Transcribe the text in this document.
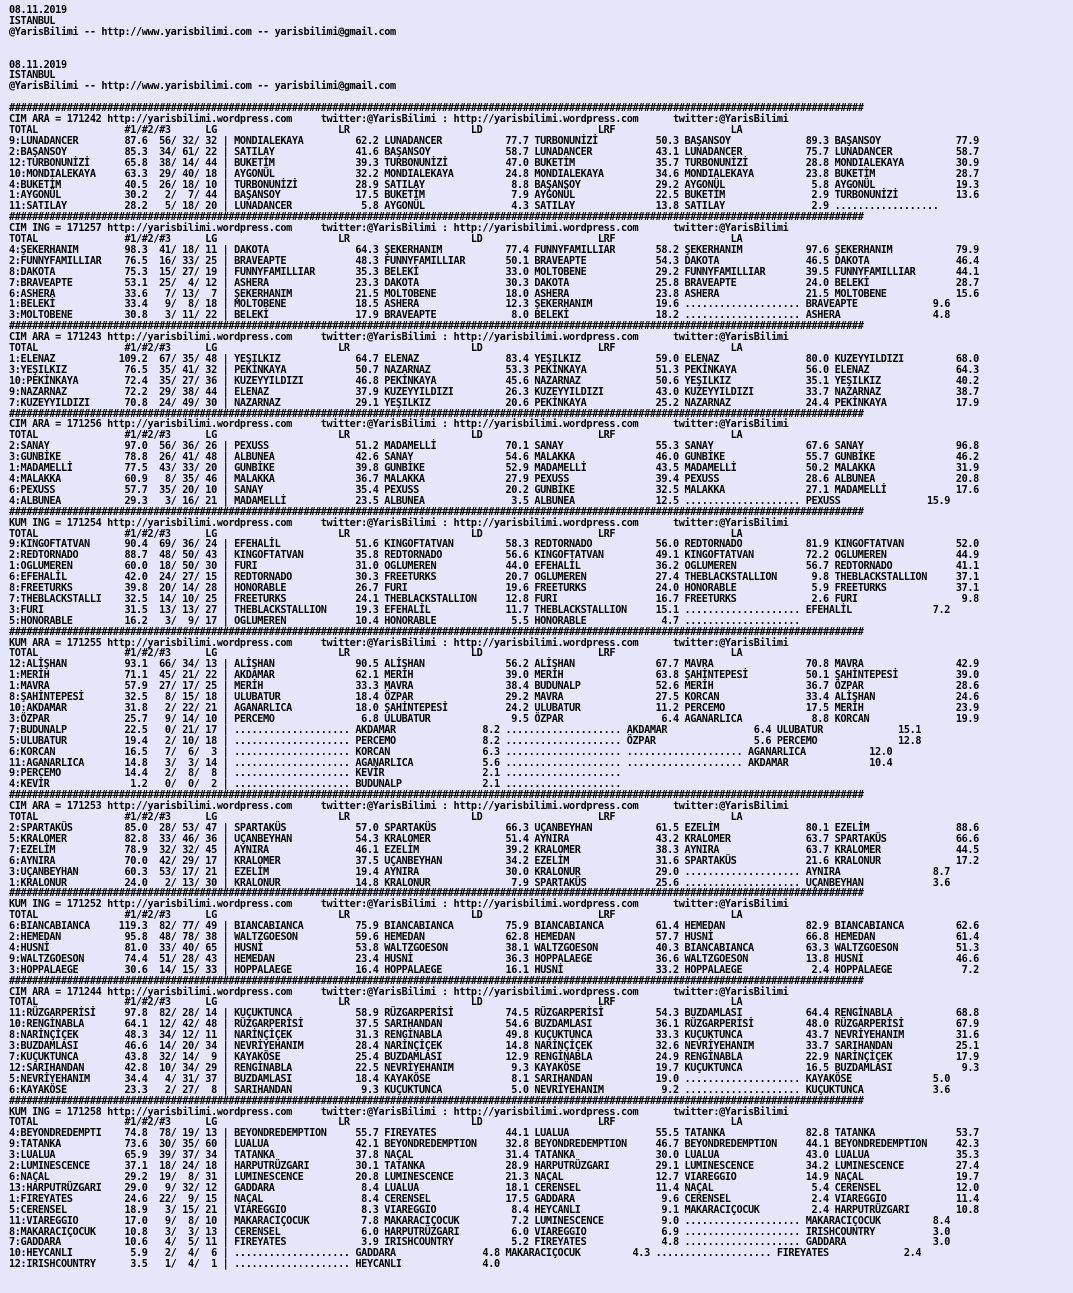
08.11.2019
ISTANBUL
@YarisBilimi -- http://www.yarisbilimi.com -- yarisbilimi@gmail.com

08.11.2019
ISTANBUL
@YarisBilimi -- http://www.yarisbilimi.com -- yarisbilimi@gmail.com

####################################################################################################################################################
CIM ARA = 171242 http://yarisbilimi.wordpress.com     twitter:@YarisBilimi : http://yarisbilimi.wordpress.com      twitter:@YarisBilimi
TOTAL               #1/#2/#3      LG                     LR                     LD                    LRF                    LA
9:LUNADANCER        87.6  56/ 32/ 32 | MONDIALEKAYA         62.2 LUNADANCER           77.7 TURBONUNİZİ          50.3 BAŞANSOY             89.3 BAŞANSOY             77.9
2:BAŞANSOY          85.3  34/ 61/ 22 | SATILAY              41.6 BAŞANSOY             58.7 LUNADANCER           43.1 LUNADANCER           75.7 LUNADANCER           58.7
12:TURBONUNİZİ      65.8  38/ 14/ 44 | BUKETİM              39.3 TURBONUNİZİ          47.0 BUKETİM              35.7 TURBONUNİZİ          28.8 MONDIALEKAYA         30.9
10:MONDIALEKAYA     63.3  29/ 40/ 18 | AYGONÜL              32.2 MONDIALEKAYA         24.8 MONDIALEKAYA         34.6 MONDIALEKAYA         23.8 BUKETİM              28.7
4:BUKETİM           40.5  26/ 18/ 10 | TURBONUNİZİ          28.9 SATILAY               8.8 BAŞANSOY             29.2 AYGONÜL               5.8 AYGONÜL              19.3
1:AYGONÜL           30.2   2/  7/ 44 | BAŞANSOY             17.5 BUKETİM               7.9 AYGONÜL              22.5 BUKETİM               2.9 TURBONUNİZİ          13.6
11:SATILAY          28.2   5/ 18/ 20 | LUNADANCER            5.8 AYGONÜL               4.3 SATILAY              13.8 SATILAY               2.9 ..................
####################################################################################################################################################
CIM ING = 171257 http://yarisbilimi.wordpress.com     twitter:@YarisBilimi : http://yarisbilimi.wordpress.com      twitter:@YarisBilimi
TOTAL               #1/#2/#3      LG                     LR                     LD                    LRF                    LA
4:ŞEKERHANIM        98.3  41/ 18/ 11 | DAKOTA               64.3 ŞEKERHANIM           77.4 FUNNYFAMILLIAR       58.2 ŞEKERHANIM           97.6 ŞEKERHANIM           79.9
2:FUNNYFAMILLIAR    76.5  16/ 33/ 25 | BRAVEAPTE            48.3 FUNNYFAMILLIAR       50.1 BRAVEAPTE            54.3 DAKOTA               46.5 DAKOTA               46.4
8:DAKOTA            75.3  15/ 27/ 19 | FUNNYFAMILLIAR       35.3 BELEKİ               33.0 MOLTOBENE            29.2 FUNNYFAMILLIAR       39.5 FUNNYFAMILLIAR       44.1
7:BRAVEAPTE         53.1  25/  4/ 12 | ASHERA               23.3 DAKOTA               30.3 DAKOTA               25.8 BRAVEAPTE            24.0 BELEKİ               28.7
6:ASHERA            33.6   7/ 13/  7 | ŞEKERHANIM           21.5 MOLTOBENE            18.0 ASHERA               23.8 ASHERA               21.5 MOLTOBENE            15.6
1:BELEKİ            33.4   9/  8/ 18 | MOLTOBENE            18.5 ASHERA               12.3 ŞEKERHANIM           19.6 .................... BRAVEAPTE             9.6
3:MOLTOBENE         30.8   3/ 11/ 22 | BELEKİ               17.9 BRAVEAPTE             8.0 BELEKİ               18.2 .................... ASHERA                4.8
####################################################################################################################################################
CIM ARA = 171243 http://yarisbilimi.wordpress.com     twitter:@YarisBilimi : http://yarisbilimi.wordpress.com      twitter:@YarisBilimi
TOTAL               #1/#2/#3      LG                     LR                     LD                    LRF                    LA
1:ELENAZ           109.2  67/ 35/ 48 | YEŞILKIZ             64.7 ELENAZ               83.4 YEŞILKIZ             59.0 ELENAZ               80.0 KUZEYYILDIZI         68.0
3:YEŞILKIZ          76.5  35/ 41/ 32 | PEKİNKAYA            50.7 NAZARNAZ             53.3 PEKİNKAYA            51.3 PEKİNKAYA            56.0 ELENAZ               64.3
10:PEKİNKAYA        72.4  35/ 27/ 36 | KUZEYYILDIZI         46.8 PEKİNKAYA            45.6 NAZARNAZ             50.6 YEŞILKIZ             35.1 YEŞILKIZ             40.2
9:NAZARNAZ          72.2  29/ 38/ 44 | ELENAZ               37.9 KUZEYYILDIZI         26.3 KUZEYYILDIZI         43.0 KUZEYYILDIZI         33.7 NAZARNAZ             38.7
7:KUZEYYILDIZI      70.8  24/ 49/ 30 | NAZARNAZ             29.1 YEŞILKIZ             20.6 PEKİNKAYA            25.2 NAZARNAZ             24.4 PEKİNKAYA            17.9
####################################################################################################################################################
CIM ARA = 171256 http://yarisbilimi.wordpress.com     twitter:@YarisBilimi : http://yarisbilimi.wordpress.com      twitter:@YarisBilimi
TOTAL               #1/#2/#3      LG                     LR                     LD                    LRF                    LA
2:SANAY             97.0  56/ 36/ 26 | PEXUSS               51.2 MADAMELLİ            70.1 SANAY                55.3 SANAY                67.6 SANAY                96.8
3:GUNBİKE           78.8  26/ 41/ 48 | ALBUNEA              42.6 SANAY                54.6 MALAKKA              46.0 GUNBİKE              55.7 GUNBİKE              46.2
1:MADAMELLİ         77.5  43/ 33/ 20 | GUNBİKE              39.8 GUNBİKE              52.9 MADAMELLİ            43.5 MADAMELLİ            50.2 MALAKKA              31.9
4:MALAKKA           60.9   8/ 35/ 46 | MALAKKA              36.7 MALAKKA              27.9 PEXUSS               39.4 PEXUSS               28.6 ALBUNEA              20.8
6:PEXUSS            57.7  35/ 20/ 10 | SANAY                35.4 PEXUSS               20.2 GUNBİKE              32.5 MALAKKA              27.1 MADAMELLİ            17.6
4:ALBUNEA           29.3   3/ 16/ 21 | MADAMELLİ            23.5 ALBUNEA               3.5 ALBUNEA              12.5 .................... PEXUSS               15.9
####################################################################################################################################################
KUM ING = 171254 http://yarisbilimi.wordpress.com     twitter:@YarisBilimi : http://yarisbilimi.wordpress.com      twitter:@YarisBilimi
TOTAL               #1/#2/#3      LG                     LR                     LD                    LRF                    LA
9:KINGOFTATVAN      90.4  69/ 36/ 24 | EFEHALİL             51.6 KINGOFTATVAN         58.3 REDTORNADO           56.0 REDTORNADO           81.9 KINGOFTATVAN         52.0
2:REDTORNADO        88.7  48/ 50/ 43 | KINGOFTATVAN         35.8 REDTORNADO           56.6 KINGOFTATVAN         49.1 KINGOFTATVAN         72.2 OGLUMEREN            44.9
1:OGLUMEREN         60.0  18/ 50/ 30 | FURI                 31.0 OGLUMEREN            44.0 EFEHALİL             36.2 OGLUMEREN            56.7 REDTORNADO           41.1
6:EFEHALİL          42.0  24/ 27/ 15 | REDTORNADO           30.3 FREETURKS            20.7 OGLUMEREN            27.4 THEBLACKSTALLION      9.8 THEBLACKSTALLION     37.1
8:FREETURKS         39.8  20/ 14/ 28 | HONORABLE            26.7 FURI                 19.6 FREETURKS            24.0 HONORABLE             5.9 FREETURKS            37.1
7:THEBLACKSTALLI    32.5  14/ 10/ 25 | FREETURKS            24.1 THEBLACKSTALLION     12.8 FURI                 16.7 FREETURKS             2.6 FURI                  9.8
3:FURI              31.5  13/ 13/ 27 | THEBLACKSTALLION     19.3 EFEHALİL             11.7 THEBLACKSTALLION     15.1 .................... EFEHALİL              7.2
5:HONORABLE         16.2   3/  9/ 17 | OGLUMEREN            10.4 HONORABLE             5.5 HONORABLE             4.7 ....................
####################################################################################################################################################
KUM ARA = 171255 http://yarisbilimi.wordpress.com     twitter:@YarisBilimi : http://yarisbilimi.wordpress.com      twitter:@YarisBilimi
TOTAL               #1/#2/#3      LG                     LR                     LD                    LRF                    LA
12:ALİŞHAN          93.1  66/ 34/ 13 | ALİŞHAN              90.5 ALİŞHAN              56.2 ALİŞHAN              67.7 MAVRA                70.8 MAVRA                42.9
1:MERİH             71.1  45/ 21/ 22 | AKDAMAR              62.1 MERİH                39.0 MERİH                63.8 ŞAHİNTEPESİ          50.1 ŞAHİNTEPESİ          39.0
1:MAVRA             57.9  27/ 17/ 25 | MERİH                33.3 MAVRA                38.4 BUDUNALP             52.6 MERİH                36.7 ÖZPAR                28.6
8:ŞAHİNTEPESİ       32.5   8/ 15/ 18 | ULUBATUR             18.4 ÖZPAR                29.2 MAVRA                27.5 KORCAN               33.4 ALİŞHAN              24.6
10:AKDAMAR          31.8   2/ 22/ 21 | AGANARLICA           18.0 ŞAHİNTEPESİ          24.2 ULUBATUR             11.2 PERCEMO              17.5 MERİH                23.9
3:ÖZPAR             25.7   9/ 14/ 10 | PERCEMO               6.8 ULUBATUR              9.5 ÖZPAR                 6.4 AGANARLICA            8.8 KORCAN               19.9
7:BUDUNALP          22.5   0/ 21/ 17 | .................... AKDAMAR               8.2 .................... AKDAMAR               6.4 ULUBATUR             15.1
5:ULUBATUR          19.4   2/ 10/ 18 | .................... PERCEMO               8.2 .................... ÖZPAR                 5.6 PERCEMO              12.8
6:KORCAN            16.5   7/  6/  3 | .................... KORCAN                6.3 .................... .................... AGANARLICA           12.0
11:AGANARLICA       14.8   3/  3/ 14 | .................... AGANARLICA            5.6 .................... .................... AKDAMAR              10.4
9:PERCEMO           14.4   2/  8/  8 | .................... KEVİR                 2.1 ....................
4:KEVİR              1.2   0/  0/  2 | .................... BUDUNALP              2.1 ....................
####################################################################################################################################################
CIM ARA = 171253 http://yarisbilimi.wordpress.com     twitter:@YarisBilimi : http://yarisbilimi.wordpress.com      twitter:@YarisBilimi
TOTAL               #1/#2/#3      LG                     LR                     LD                    LRF                    LA
2:SPARTAKÜS         85.0  28/ 53/ 47 | SPARTAKÜS            57.0 SPARTAKÜS            66.3 UÇANBEYHAN           61.5 EZELİM               80.1 EZELİM               88.6
5:KRALOMER          82.8  33/ 46/ 36 | UÇANBEYHAN           54.3 KRALOMER             51.4 AYNIRA               43.2 KRALOMER             63.7 SPARTAKÜS            66.6
7:EZELİM            78.9  32/ 32/ 45 | AYNIRA               46.1 EZELİM               39.2 KRALOMER             38.3 AYNIRA               63.7 KRALOMER             44.5
6:AYNIRA            70.0  42/ 29/ 17 | KRALOMER             37.5 UÇANBEYHAN           34.2 EZELİM               31.6 SPARTAKÜS            21.6 KRALONUR             17.2
3:UÇANBEYHAN        60.3  53/ 17/ 21 | EZELİM               19.4 AYNIRA               30.0 KRALONUR             29.0 .................... AYNIRA                8.7
1:KRALONUR          24.0   2/ 13/ 30 | KRALONUR             14.8 KRALONUR              7.9 SPARTAKÜS            25.6 .................... UÇANBEYHAN            3.6
####################################################################################################################################################
KUM ING = 171252 http://yarisbilimi.wordpress.com     twitter:@YarisBilimi : http://yarisbilimi.wordpress.com      twitter:@YarisBilimi
TOTAL               #1/#2/#3      LG                     LR                     LD                    LRF                    LA
6:BIANCABIANCA     119.3  82/ 77/ 49 | BIANCABIANCA         75.9 BIANCABIANCA         75.9 BIANCABIANCA         61.4 HEMEDAN              82.9 BIANCABIANCA         62.6
2:HEMEDAN           95.8  48/ 78/ 38 | WALTZGOESON          59.6 HEMEDAN              62.8 HEMEDAN              57.7 HUSNİ                66.8 HEMEDAN              61.4
4:HUSNİ             81.0  33/ 40/ 65 | HUSNİ                53.8 WALTZGOESON          38.1 WALTZGOESON          40.3 BIANCABIANCA         63.3 WALTZGOESON          51.3
9:WALTZGOESON       74.4  51/ 28/ 43 | HEMEDAN              23.4 HUSNİ                36.3 HOPPALAEGE           36.6 WALTZGOESON          13.8 HUSNİ                46.6
3:HOPPALAEGE        30.6  14/ 15/ 33 | HOPPALAEGE           16.4 HOPPALAEGE           16.1 HUSNİ                33.2 HOPPALAEGE            2.4 HOPPALAEGE            7.2
####################################################################################################################################################
CIM ARA = 171244 http://yarisbilimi.wordpress.com     twitter:@YarisBilimi : http://yarisbilimi.wordpress.com      twitter:@YarisBilimi
TOTAL               #1/#2/#3      LG                     LR                     LD                    LRF                    LA
11:RÜZGARPERİSİ     97.8  82/ 28/ 14 | KUÇUKTUNCA           58.9 RÜZGARPERİSİ         74.5 RÜZGARPERİSİ         54.3 BUZDAMLASI           64.4 RENGİNABLA           68.8
10:RENGİNABLA       64.1  12/ 42/ 48 | RÜZGARPERİSİ         37.5 SARIHANDAN           54.6 BUZDAMLASI           36.1 RÜZGARPERİSİ         48.0 RÜZGARPERİSİ         67.9
8:NARİNÇİÇEK        48.3  34/ 12/ 11 | NARİNÇİÇEK           31.3 RENGİNABLA           49.8 KUÇUKTUNCA           33.3 KUÇUKTUNCA           43.7 NEVRİYEHANIM         31.6
3:BUZDAMLASI        46.6  14/ 20/ 34 | NEVRİYEHANIM         28.4 NARİNÇİÇEK           14.8 NARİNÇİÇEK           32.6 NEVRİYEHANIM         33.7 SARIHANDAN           25.1
7:KUÇUKTUNCA        43.8  32/ 14/  9 | KAYAKÖSE             25.4 BUZDAMLASI           12.9 RENGİNABLA           24.9 RENGİNABLA           22.9 NARİNÇİÇEK           17.9
12:SARIHANDAN       42.8  10/ 34/ 29 | RENGİNABLA           22.5 NEVRİYEHANIM          9.3 KAYAKÖSE             19.7 KUÇUKTUNCA           16.5 BUZDAMLASI            9.3
5:NEVRİYEHANIM      34.4   4/ 31/ 37 | BUZDAMLASI           18.4 KAYAKÖSE              8.1 SARIHANDAN           19.0 .................... KAYAKÖSE              5.0
6:KAYAKÖSE          23.3   2/ 27/  8 | SARIHANDAN            9.3 KUÇUKTUNCA            5.0 NEVRİYEHANIM          9.2 .................... KUÇUKTUNCA            3.6
####################################################################################################################################################
KUM ING = 171258 http://yarisbilimi.wordpress.com     twitter:@YarisBilimi : http://yarisbilimi.wordpress.com      twitter:@YarisBilimi
TOTAL               #1/#2/#3      LG                     LR                     LD                    LRF                    LA
4:BEYONDREDEMPTI    74.8  78/ 19/ 13 | BEYONDREDEMPTION     55.7 FIREYATES            44.1 LUALUA               55.5 TATANKA              82.8 TATANKA              53.7
9:TATANKA           73.6  30/ 35/ 60 | LUALUA               42.1 BEYONDREDEMPTION     32.8 BEYONDREDEMPTION     46.7 BEYONDREDEMPTION     44.1 BEYONDREDEMPTION     42.3
3:LUALUA            65.9  39/ 37/ 34 | TATANKA              37.8 NAÇAL                31.4 TATANKA              30.0 LUALUA               43.0 LUALUA               35.3
2:LUMINESCENCE      37.1  18/ 24/ 18 | HARPUTRÜZGARI        30.1 TATANKA              28.9 HARPUTRÜZGARI        29.1 LUMINESCENCE         34.2 LUMINESCENCE         27.4
6:NAÇAL             29.2  19/  8/ 31 | LUMINESCENCE         20.8 LUMINESCENCE         21.3 NAÇAL                12.7 VIAREGGIO            14.9 NAÇAL                19.7
13:HARPUTRÜZGARI    29.0   9/ 32/ 12 | GADDARA               8.4 LUALUA               18.1 CERENSEL             11.4 NAÇAL                 5.4 CERENSEL             12.0
1:FIREYATES         24.6  22/  9/ 15 | NAÇAL                 8.4 CERENSEL             17.5 GADDARA               9.6 CERENSEL              2.4 VIAREGGIO            11.4
5:CERENSEL          18.9   3/ 15/ 21 | VIAREGGIO             8.3 VIAREGGIO             8.4 HEYCANLI              9.1 MAKARACIÇOCUK         2.4 HARPUTRÜZGARI        10.8
11:VIAREGGIO        17.0   9/  8/ 10 | MAKARACIÇOCUK         7.8 MAKARACIÇOCUK         7.2 LUMINESCENCE          9.0 .................... MAKARACIÇOCUK         8.4
8:MAKARACIÇOCUK     10.8   3/  3/ 13 | CERENSEL              6.0 HARPUTRÜZGARI         6.0 VIAREGGIO             6.9 .................... IRISHCOUNTRY          3.0
7:GADDARA           10.6   4/  5/ 11 | FIREYATES             3.9 IRISHCOUNTRY          5.2 FIREYATES             4.8 .................... GADDARA               3.0
10:HEYCANLI          5.9   2/  4/  6 | .................... GADDARA               4.8 MAKARACIÇOCUK         4.3 .................... FIREYATES             2.4
12:IRISHCOUNTRY      3.5   1/  4/  1 | .................... HEYCANLI              4.0
